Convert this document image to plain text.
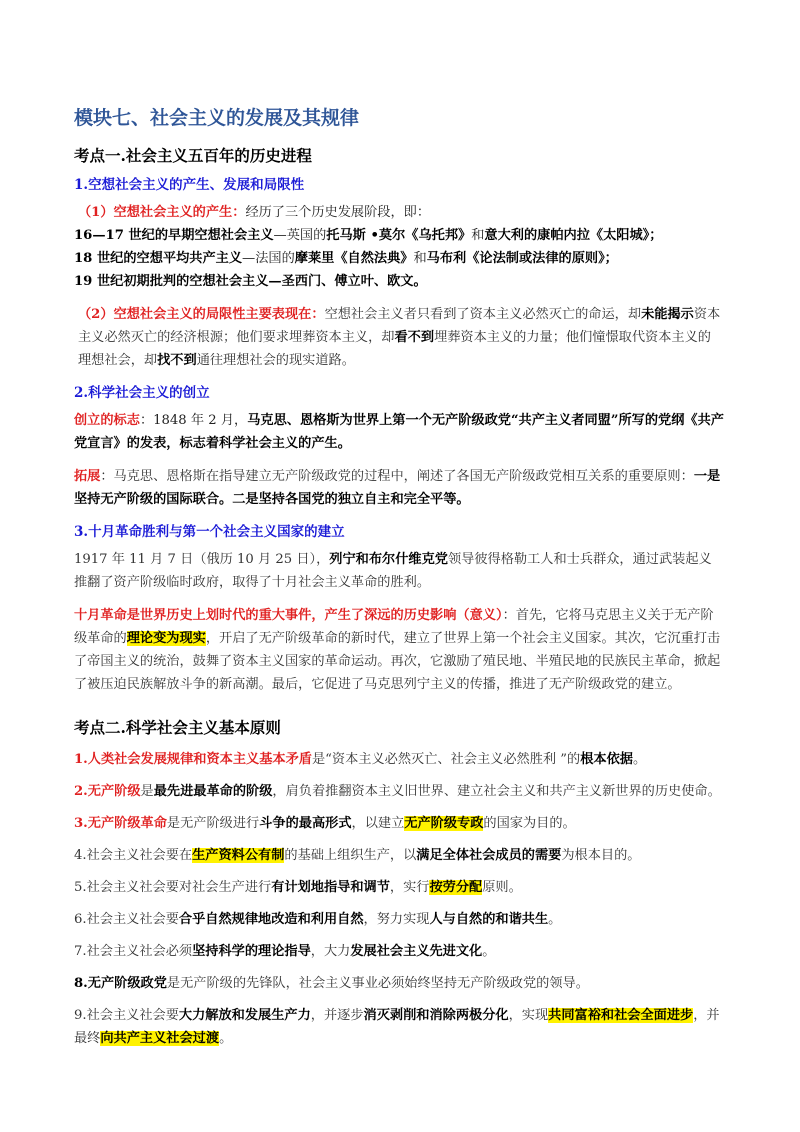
模块七、社会主义的发展及其规律
考点一.社会主义五百年的历史进程
1.空想社会主义的产生、发展和局限性

（1）空想社会主义的产生：经历了三个历史发展阶段，即：

16—17 世纪的早期空想社会主义—英国的托马斯 •莫尔《乌托邦》和意大利的康帕内拉《太阳城》；

18 世纪的空想平均共产主义—法国的摩莱里《自然法典》和马布利《论法制或法律的原则》；

19 世纪初期批判的空想社会主义—圣西门、傅立叶、欧文。

（2）空想社会主义的局限性主要表现在：空想社会主义者只看到了资本主义必然灭亡的命运，却未能揭示资本主义必然灭亡的经济根源；他们要求埋葬资本主义，却看不到埋葬资本主义的力量；他们憧憬取代资本主义的理想社会，却找不到通往理想社会的现实道路。

2.科学社会主义的创立

创立的标志：1848 年 2 月，马克思、恩格斯为世界上第一个无产阶级政党“共产主义者同盟”所写的党纲《共产党宣言》的发表，标志着科学社会主义的产生。

拓展：马克思、恩格斯在指导建立无产阶级政党的过程中，阐述了各国无产阶级政党相互关系的重要原则：一是坚持无产阶级的国际联合。二是坚持各国党的独立自主和完全平等。

3.十月革命胜利与第一个社会主义国家的建立

1917 年 11 月 7 日（俄历 10 月 25 日），列宁和布尔什维克党领导彼得格勒工人和士兵群众，通过武装起义推翻了资产阶级临时政府，取得了十月社会主义革命的胜利。

十月革命是世界历史上划时代的重大事件，产生了深远的历史影响（意义）：首先，它将马克思主义关于无产阶级革命的理论变为现实，开启了无产阶级革命的新时代，建立了世界上第一个社会主义国家。其次，它沉重打击了帝国主义的统治，鼓舞了资本主义国家的革命运动。再次，它激励了殖民地、半殖民地的民族民主革命，掀起了被压迫民族解放斗争的新高潮。最后，它促进了马克思列宁主义的传播，推进了无产阶级政党的建立。

考点二.科学社会主义基本原则

1.人类社会发展规律和资本主义基本矛盾是“资本主义必然灭亡、社会主义必然胜利 ”的根本依据。

2.无产阶级是最先进最革命的阶级，肩负着推翻资本主义旧世界、建立社会主义和共产主义新世界的历史使命。

3.无产阶级革命是无产阶级进行斗争的最高形式，以建立无产阶级专政的国家为目的。

4.社会主义社会要在生产资料公有制的基础上组织生产，以满足全体社会成员的需要为根本目的。

5.社会主义社会要对社会生产进行有计划地指导和调节，实行按劳分配原则。

6.社会主义社会要合乎自然规律地改造和利用自然，努力实现人与自然的和谐共生。

7.社会主义社会必须坚持科学的理论指导，大力发展社会主义先进文化。

8.无产阶级政党是无产阶级的先锋队，社会主义事业必须始终坚持无产阶级政党的领导。

9.社会主义社会要大力解放和发展生产力，并逐步消灭剥削和消除两极分化，实现共同富裕和社会全面进步，并最终向共产主义社会过渡。
